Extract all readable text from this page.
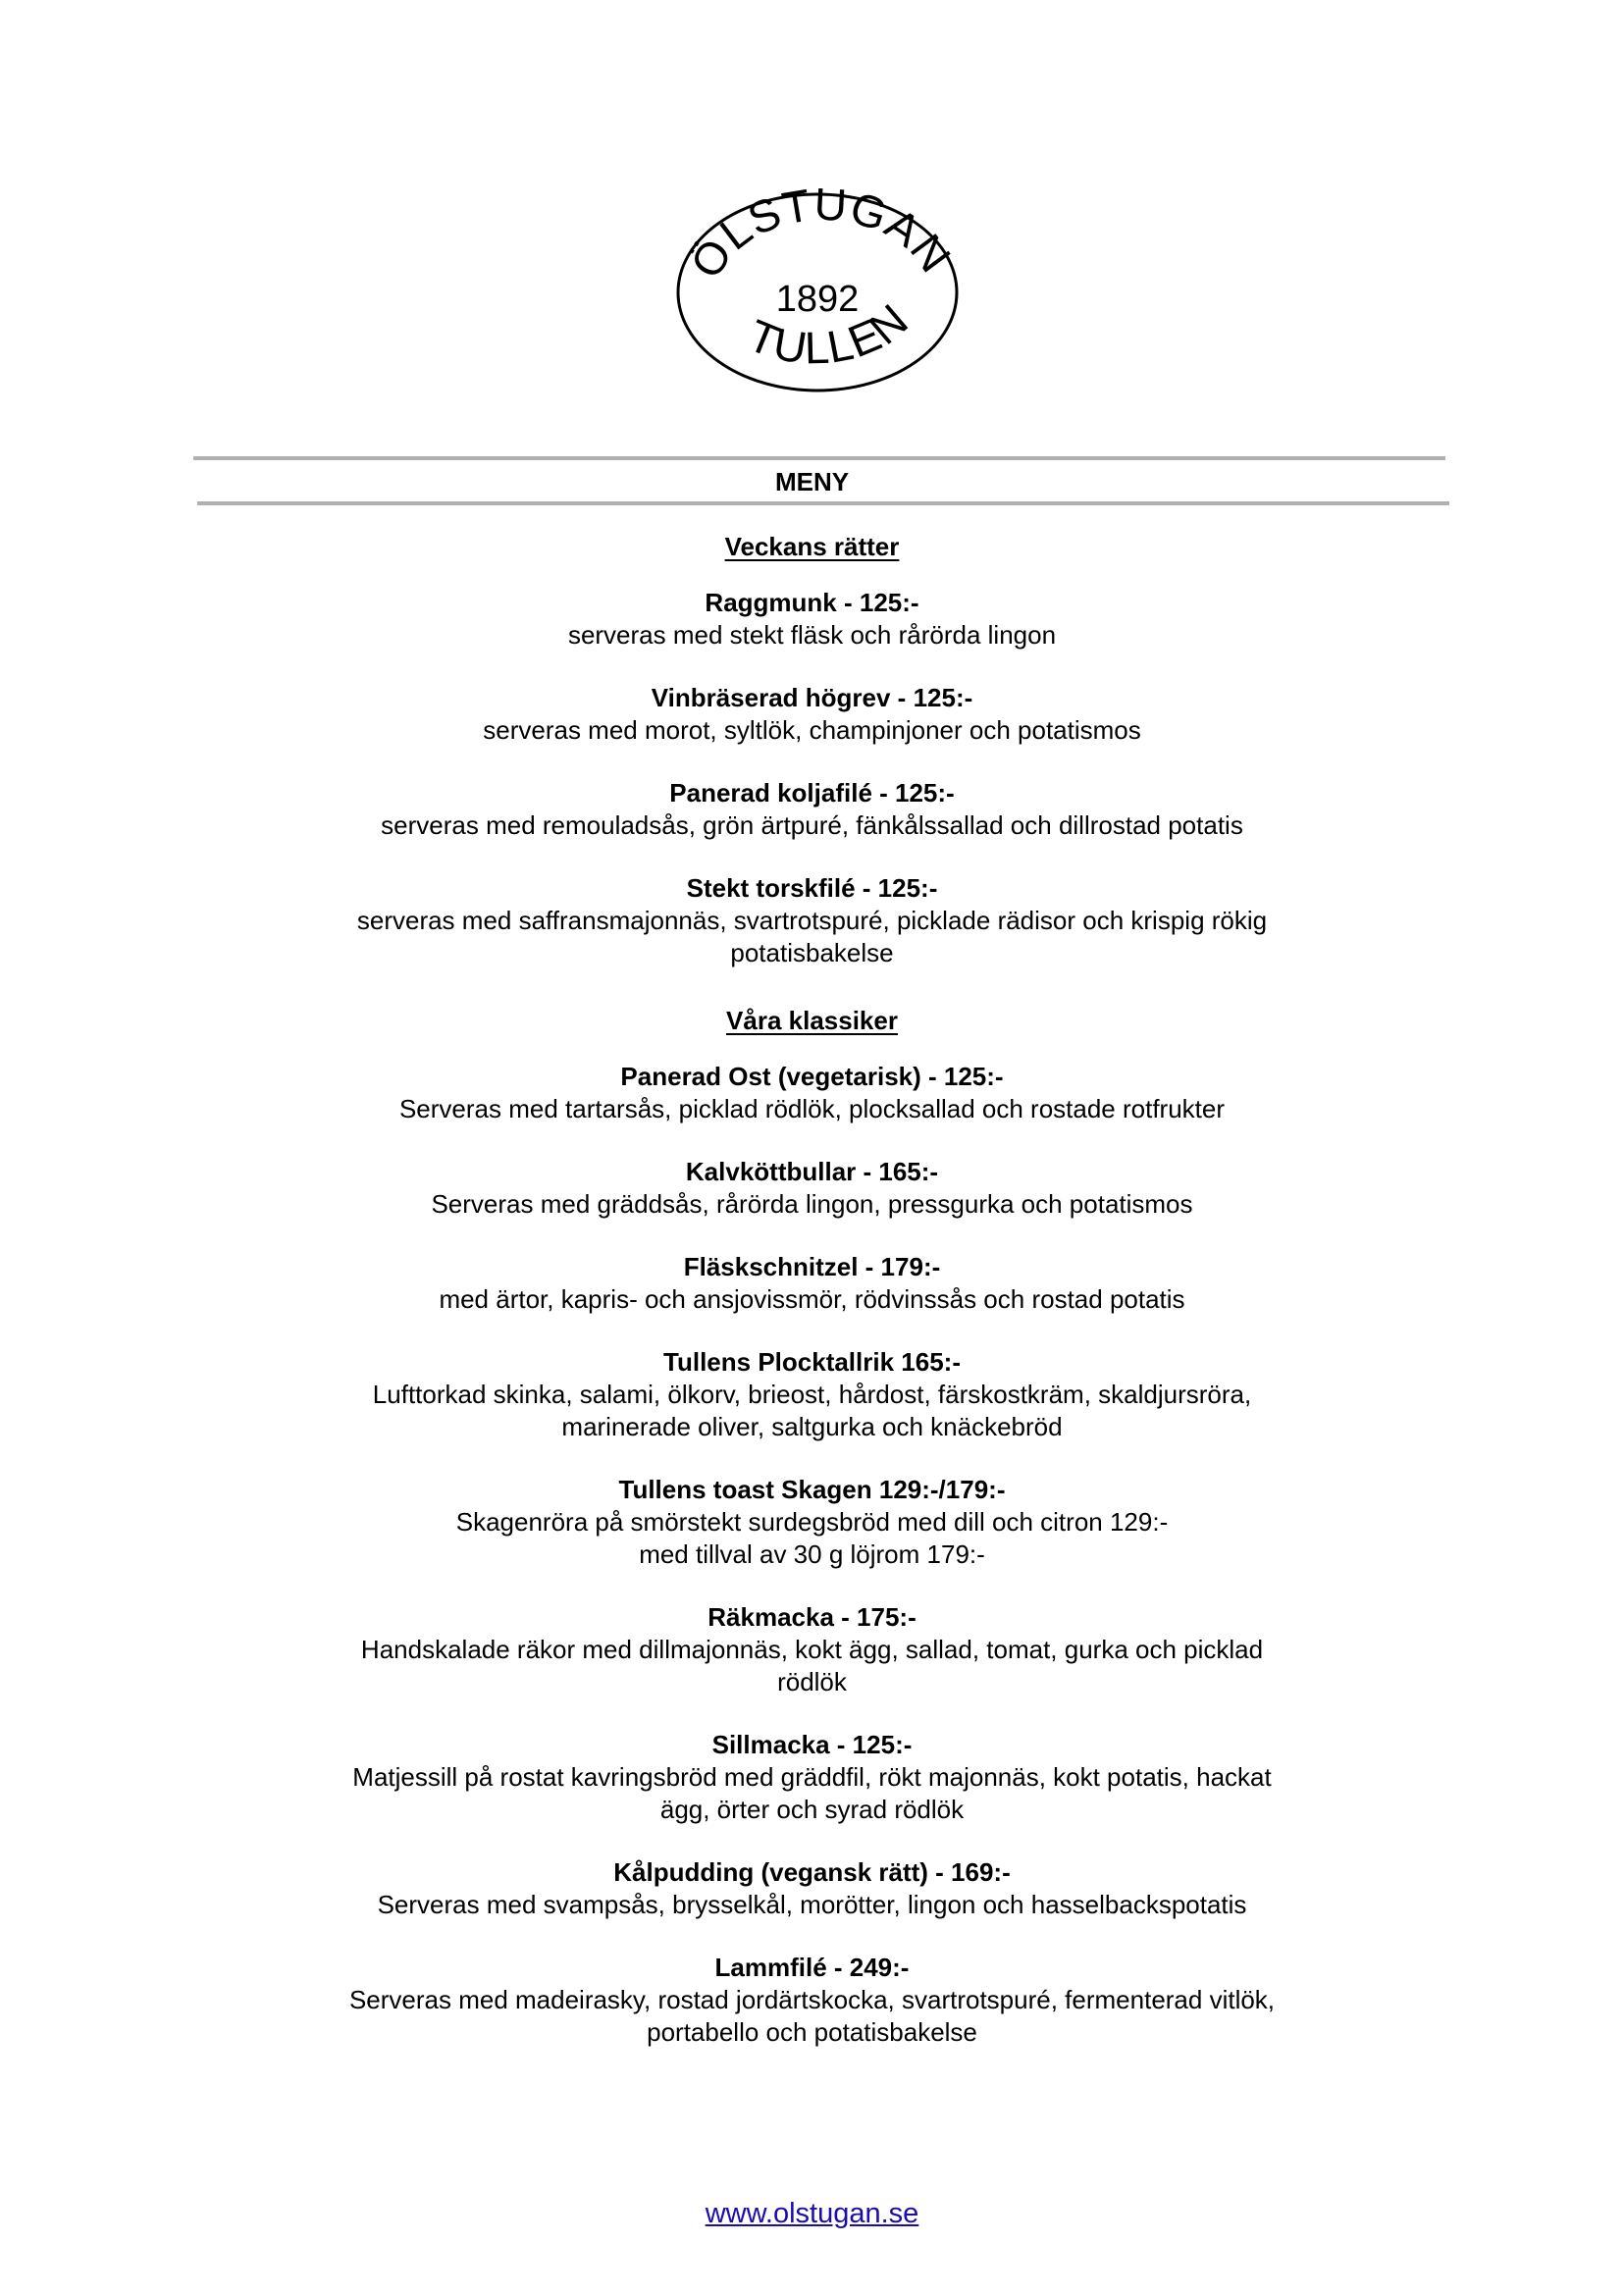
ÖLSTUGAN
1892
TULLEN
MENY
Veckans rätter
Raggmunk - 125:-
serveras med stekt fläsk och rårörda lingon
Vinbräserad högrev - 125:-
serveras med morot, syltlök, champinjoner och potatismos
Panerad koljafilé - 125:-
serveras med remouladsås, grön ärtpuré, fänkålssallad och dillrostad potatis
Stekt torskfilé - 125:-
serveras med saffransmajonnäs, svartrotspuré, picklade rädisor och krispig rökig potatisbakelse
Våra klassiker
Panerad Ost (vegetarisk) - 125:-
Serveras med tartarsås, picklad rödlök, plocksallad och rostade rotfrukter
Kalvköttbullar - 165:-
Serveras med gräddsås, rårörda lingon, pressgurka och potatismos
Fläskschnitzel - 179:-
med ärtor, kapris- och ansjovissmör, rödvinssås och rostad potatis
Tullens Plocktallrik 165:-
Lufttorkad skinka, salami, ölkorv, brieost, hårdost, färskostkräm, skaldjursröra, marinerade oliver, saltgurka och knäckebröd
Tullens toast Skagen 129:-/179:-
Skagenröra på smörstekt surdegsbröd med dill och citron 129:-
med tillval av 30 g löjrom 179:-
Räkmacka - 175:-
Handskalade räkor med dillmajonnäs, kokt ägg, sallad, tomat, gurka och picklad rödlök
Sillmacka - 125:-
Matjessill på rostat kavringsbröd med gräddfil, rökt majonnäs, kokt potatis, hackat ägg, örter och syrad rödlök
Kålpudding (vegansk rätt) - 169:-
Serveras med svampsås, brysselkål, morötter, lingon och hasselbackspotatis
Lammfilé - 249:-
Serveras med madeirasky, rostad jordärtskocka, svartrotspuré, fermenterad vitlök, portabello och potatisbakelse
www.olstugan.se
